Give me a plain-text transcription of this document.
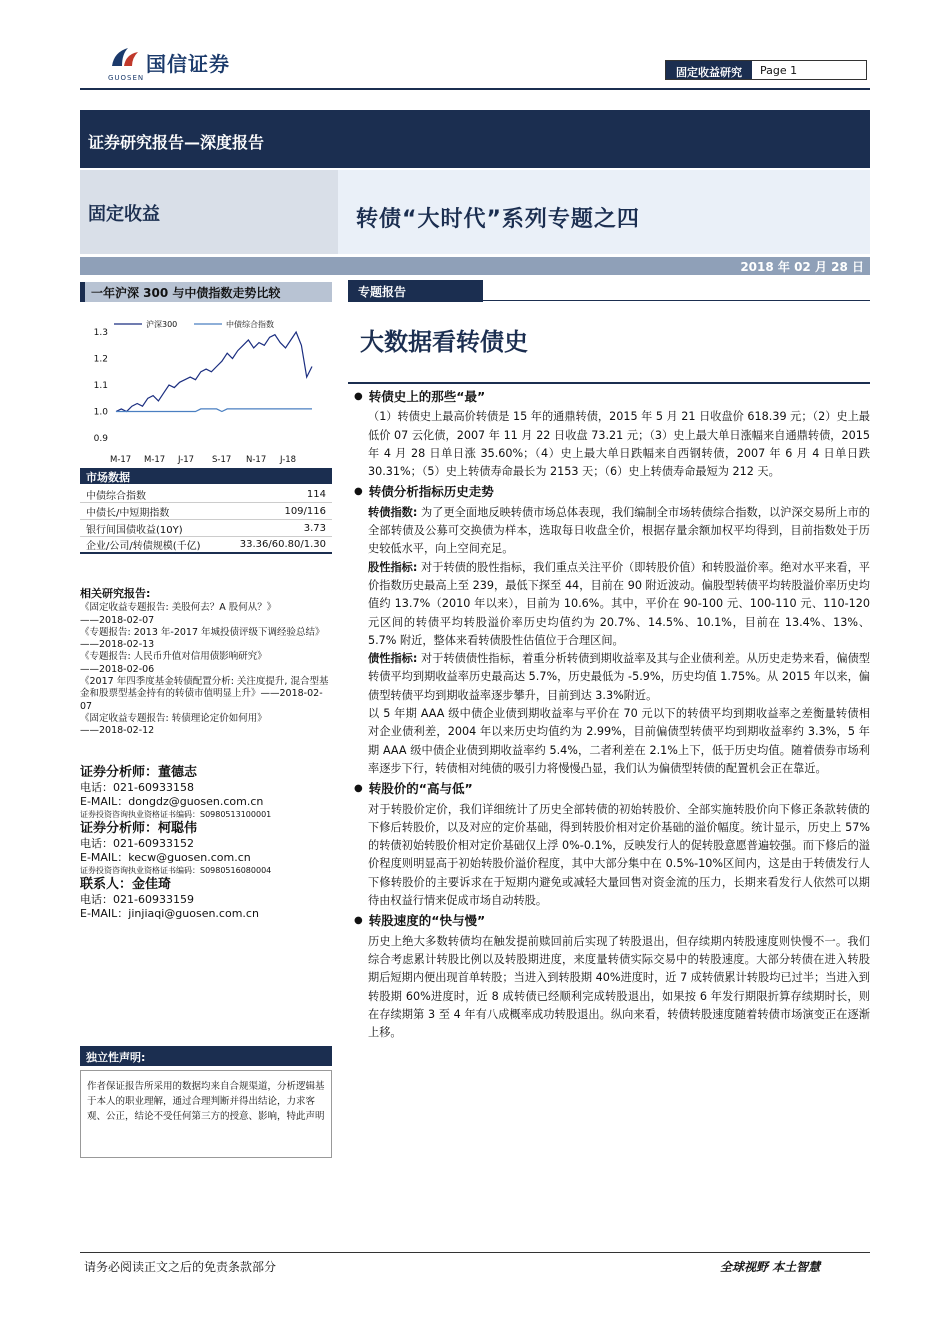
国信证券
GUOSEN	固定收益研究	Page 1
证券研究报告—深度报告
固定收益	转债“大时代”系列专题之四
2018 年 02 月 28 日
一年沪深 300 与中债指数走势比较
0.9
1.0
1.1
1.2
1.3
M-17 M-17 J-17 S-17 N-17 J-18
沪深300	中债综合指数
市场数据
中债综合指数	114
中债长/中短期指数	109/116
银行间国债收益(10Y)	3.73
企业/公司/转债规模(千亿)	33.36/60.80/1.30
相关研究报告:
《固定收益专题报告: 美股何去？A 股何从？》
——2018-02-07
《专题报告: 2013 年-2017 年城投债评级下调经验总结》——2018-02-13
《专题报告: 人民币升值对信用债影响研究》
——2018-02-06
《2017 年四季度基金转债配置分析: 关注度提升, 混合型基金和股票型基金持有的转债市值明显上升》——2018-02-07
《固定收益专题报告: 转债理论定价如何用》
——2018-02-12
证券分析师：董德志
电话：021-60933158
E-MAIL：dongdz@guosen.com.cn
证券投资咨询执业资格证书编码：S0980513100001
证券分析师：柯聪伟
电话：021-60933152
E-MAIL：kecw@guosen.com.cn
证券投资咨询执业资格证书编码：S0980516080004
联系人：金佳琦
电话：021-60933159
E-MAIL：jinjiaqi@guosen.com.cn
独立性声明:
作者保证报告所采用的数据均来自合规渠道，分析逻辑基于本人的职业理解，通过合理判断并得出结论，力求客观、公正，结论不受任何第三方的授意、影响，特此声明
专题报告
大数据看转债史
● 转债史上的那些“最”

（1）转债史上最高价转债是 15 年的通鼎转债，2015 年 5 月 21 日收盘价 618.39 元；（2）史上最低价 07 云化债，2007 年 11 月 22 日收盘 73.21 元；（3）史上最大单日涨幅来自通鼎转债，2015 年 4 月 28 日单日涨 35.60%；（4）史上最大单日跌幅来自西钢转债，2007 年 6 月 4 日单日跌 30.31%；（5）史上转债寿命最长为 2153 天；（6）史上转债寿命最短为 212 天。

● 转债分析指标历史走势

转债指数: 为了更全面地反映转债市场总体表现，我们编制全市场转债综合指数，以沪深交易所上市的全部转债及公募可交换债为样本，选取每日收盘全价，根据存量余额加权平均得到，目前指数处于历史较低水平，向上空间充足。

股性指标: 对于转债的股性指标，我们重点关注平价（即转股价值）和转股溢价率。绝对水平来看，平价指数历史最高上至 239，最低下探至 44，目前在 90 附近波动。偏股型转债平均转股溢价率历史均值约 13.7%（2010 年以来），目前为 10.6%。其中，平价在 90-100 元、100-110 元、110-120 元区间的转债平均转股溢价率历史均值约为 20.7%、14.5%、10.1%，目前在 13.4%、13%、5.7% 附近，整体来看转债股性估值位于合理区间。

债性指标: 对于转债债性指标，着重分析转债到期收益率及其与企业债利差。从历史走势来看，偏债型转债平均到期收益率历史最高达 5.7%，历史最低为 -5.9%，历史均值 1.75%。从 2015 年以来，偏债型转债平均到期收益率逐步攀升，目前到达 3.3%附近。

以 5 年期 AAA 级中债企业债到期收益率与平价在 70 元以下的转债平均到期收益率之差衡量转债相对企业债利差，2004 年以来历史均值约为 2.99%，目前偏债型转债平均到期收益率约 3.3%，5 年期 AAA 级中债企业债到期收益率约 5.4%，二者利差在 2.1%上下，低于历史均值。随着债券市场利率逐步下行，转债相对纯债的吸引力将慢慢凸显，我们认为偏债型转债的配置机会正在靠近。

● 转股价的“高与低”

对于转股价定价，我们详细统计了历史全部转债的初始转股价、全部实施转股价向下修正条款转债的下修后转股价，以及对应的定价基础，得到转股价相对定价基础的溢价幅度。统计显示，历史上 57%的转债初始转股价相对定价基础仅上浮 0%-0.1%，反映发行人的促转股意愿普遍较强。而下修后的溢价程度则明显高于初始转股价溢价程度，其中大部分集中在 0.5%-10%区间内，这是由于转债发行人下修转股价的主要诉求在于短期内避免或减轻大量回售对资金流的压力，长期来看发行人依然可以期待由权益行情来促成市场自动转股。

● 转股速度的“快与慢”

历史上绝大多数转债均在触发提前赎回前后实现了转股退出，但存续期内转股速度则快慢不一。我们综合考虑累计转股比例以及转股期进度，来度量转债实际交易中的转股速度。大部分转债在进入转股期后短期内便出现首单转股；当进入到转股期 40%进度时，近 7 成转债累计转股均已过半；当进入到转股期 60%进度时，近 8 成转债已经顺利完成转股退出，如果按 6 年发行期限折算存续期时长，则在存续期第 3 至 4 年有八成概率成功转股退出。纵向来看，转债转股速度随着转债市场演变正在逐渐上移。

请务必阅读正文之后的免责条款部分	全球视野 本土智慧
